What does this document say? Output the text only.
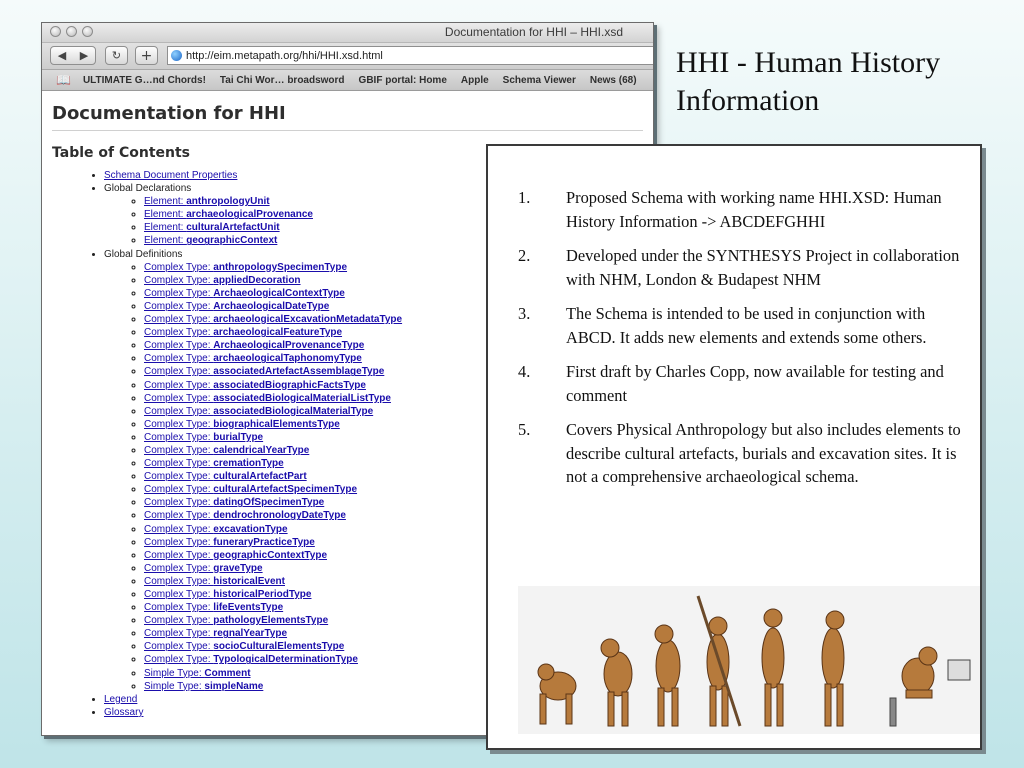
Documentation for HHI – HHI.xsd
◀ ▶ ↻ +	http://eim.metapath.org/hhi/HHI.xsd.html
📖 ULTIMATE G…nd Chords! Tai Chi Wor… broadsword GBIF portal: Home Apple Schema Viewer News (68)
Documentation for HHI
Table of Contents
• Schema Document Properties
• Global Declarations
◦ Element: anthropologyUnit
◦ Element: archaeologicalProvenance
◦ Element: culturalArtefactUnit
◦ Element: geographicContext
• Global Definitions
◦ Complex Type: anthropologySpecimenType
◦ Complex Type: appliedDecoration
◦ Complex Type: ArchaeologicalContextType
◦ Complex Type: ArchaeologicalDateType
◦ Complex Type: archaeologicalExcavationMetadataType
◦ Complex Type: archaeologicalFeatureType
◦ Complex Type: ArchaeologicalProvenanceType
◦ Complex Type: archaeologicalTaphonomyType
◦ Complex Type: associatedArtefactAssemblageType
◦ Complex Type: associatedBiographicFactsType
◦ Complex Type: associatedBiologicalMaterialListType
◦ Complex Type: associatedBiologicalMaterialType
◦ Complex Type: biographicalElementsType
◦ Complex Type: burialType
◦ Complex Type: calendricalYearType
◦ Complex Type: cremationType
◦ Complex Type: culturalArtefactPart
◦ Complex Type: culturalArtefactSpecimenType
◦ Complex Type: datingOfSpecimenType
◦ Complex Type: dendrochronologyDateType
◦ Complex Type: excavationType
◦ Complex Type: funeraryPracticeType
◦ Complex Type: geographicContextType
◦ Complex Type: graveType
◦ Complex Type: historicalEvent
◦ Complex Type: historicalPeriodType
◦ Complex Type: lifeEventsType
◦ Complex Type: pathologyElementsType
◦ Complex Type: regnalYearType
◦ Complex Type: socioCulturalElementsType
◦ Complex Type: TypologicalDeterminationType
◦ Simple Type: Comment
◦ Simple Type: simpleName
• Legend
• Glossary
HHI - Human History Information
1. Proposed Schema with working name HHI.XSD: Human History Information -> ABCDEFGHHI
2. Developed under the SYNTHESYS Project in collaboration with NHM, London & Budapest NHM
3. The Schema is intended to be used in conjunction with ABCD. It adds new elements and extends some others.
4. First draft by Charles Copp, now available for testing and comment
5. Covers Physical Anthropology but also includes elements to describe cultural artefacts, burials and excavation sites. It is not a comprehensive archaeological schema.
